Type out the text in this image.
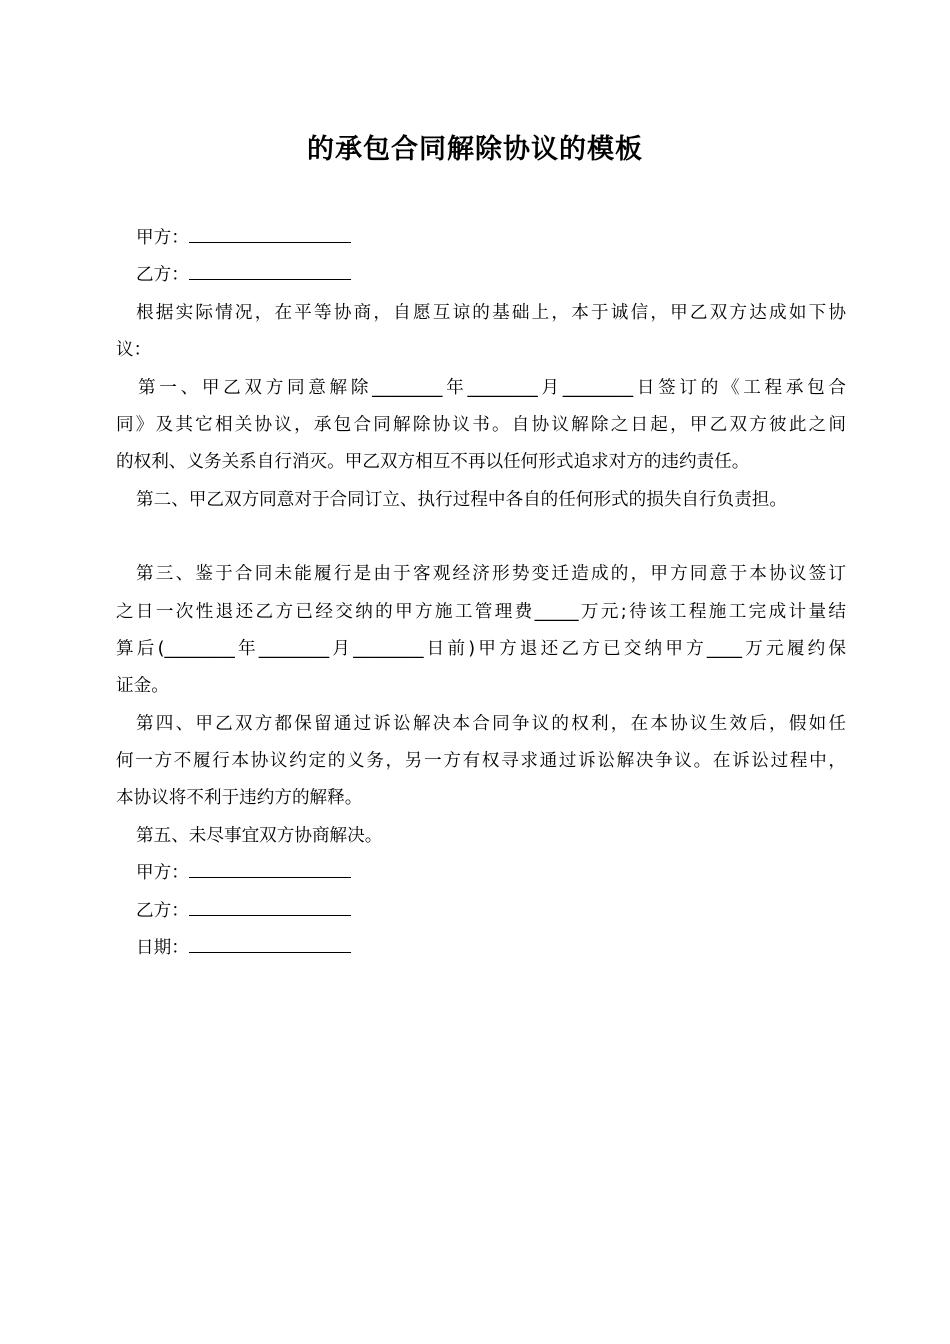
的承包合同解除协议的模板
甲方：
乙方：
根据实际情况，在平等协商，自愿互谅的基础上，本于诚信，甲乙双方达成如下协
议：
第一、甲乙双方同意解除________年________月________日签订的《工程承包合
同》及其它相关协议，承包合同解除协议书。自协议解除之日起，甲乙双方彼此之间
的权利、义务关系自行消灭。甲乙双方相互不再以任何形式追求对方的违约责任。
第二、甲乙双方同意对于合同订立、执行过程中各自的任何形式的损失自行负责担。
第三、鉴于合同未能履行是由于客观经济形势变迁造成的，甲方同意于本协议签订
之日一次性退还乙方已经交纳的甲方施工管理费_____万元;待该工程施工完成计量结
算后(________年________月________日前)甲方退还乙方已交纳甲方____万元履约保
证金。
第四、甲乙双方都保留通过诉讼解决本合同争议的权利，在本协议生效后，假如任
何一方不履行本协议约定的义务，另一方有权寻求通过诉讼解决争议。在诉讼过程中，
本协议将不利于违约方的解释。
第五、未尽事宜双方协商解决。
甲方：
乙方：
日期：
